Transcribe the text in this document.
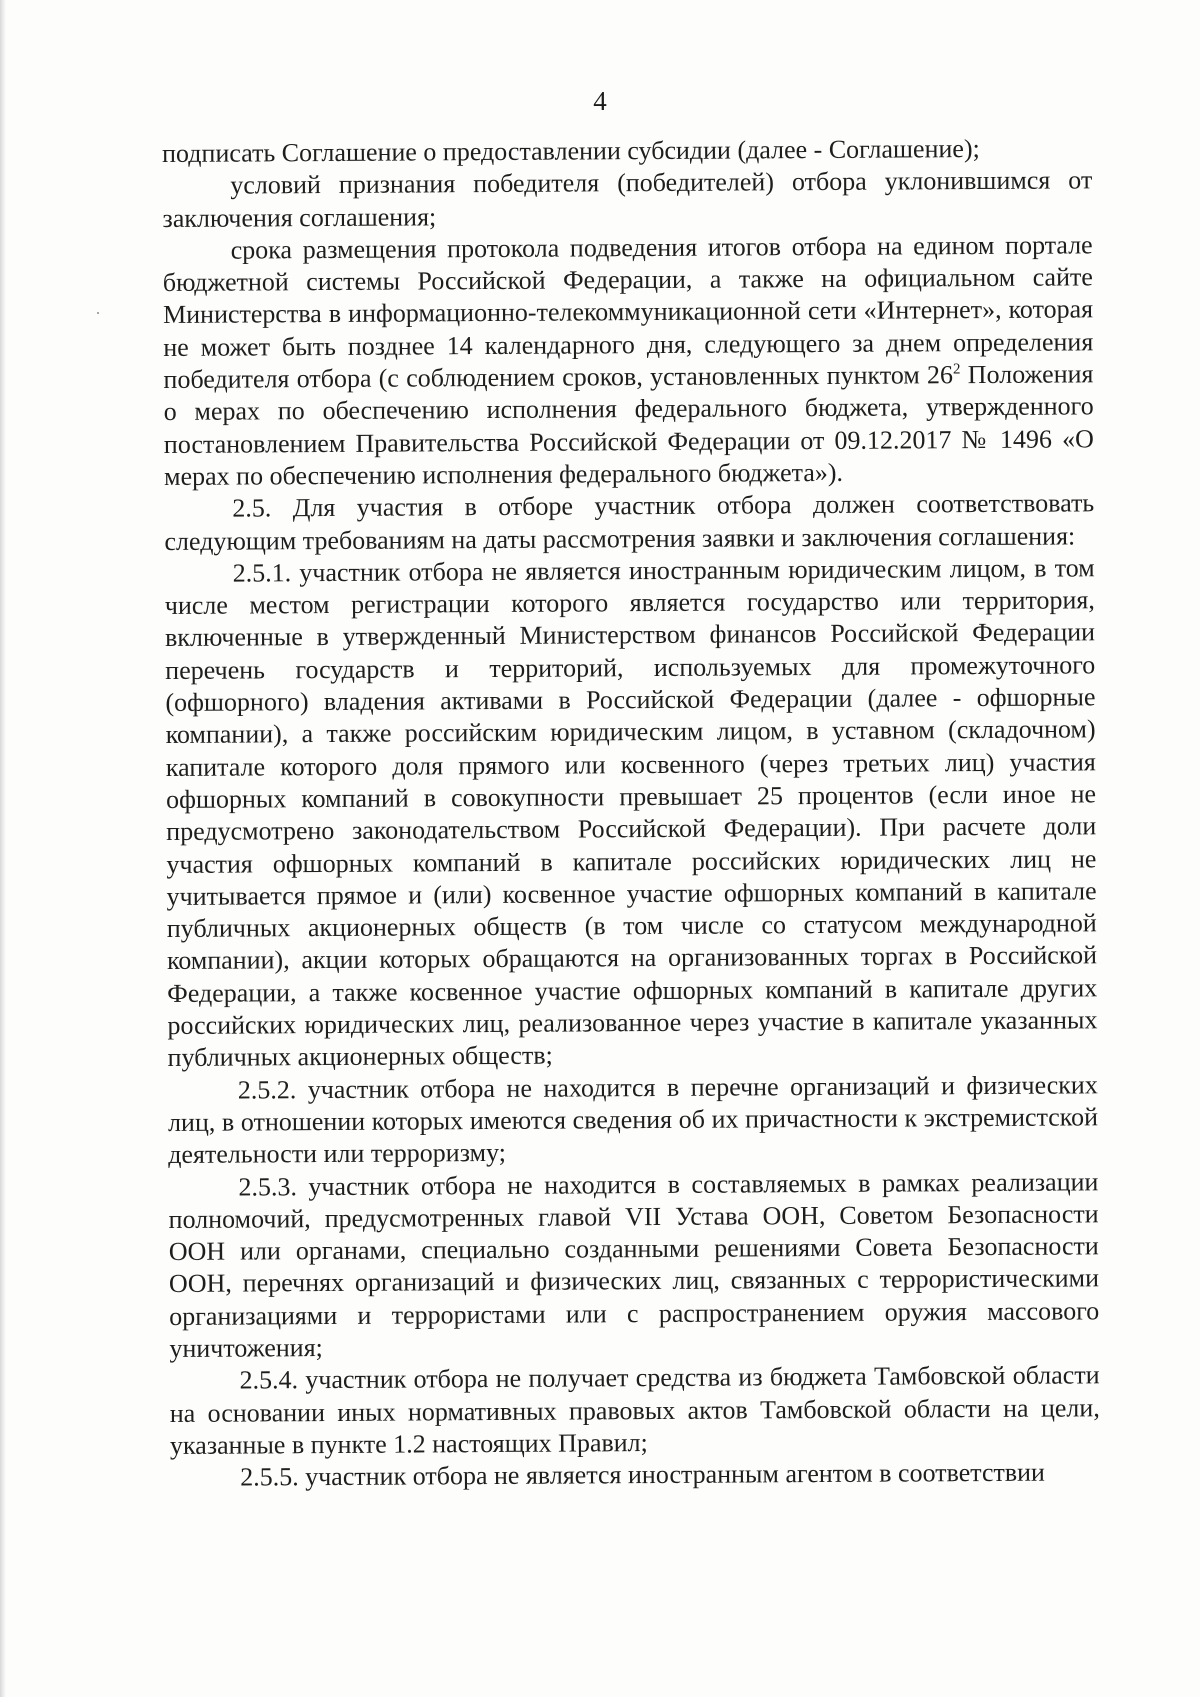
4

подписать Соглашение о предоставлении субсидии (далее - Соглашение);

условий признания победителя (победителей) отбора уклонившимся от заключения соглашения;

срока размещения протокола подведения итогов отбора на едином портале бюджетной системы Российской Федерации, а также на официальном сайте Министерства в информационно-телекоммуникационной сети «Интернет», которая не может быть позднее 14 календарного дня, следующего за днем определения победителя отбора (с соблюдением сроков, установленных пунктом $26^2$ Положения о мерах по обеспечению исполнения федерального бюджета, утвержденного постановлением Правительства Российской Федерации от 09.12.2017 № 1496 «О мерах по обеспечению исполнения федерального бюджета»).

2.5. Для участия в отборе участник отбора должен соответствовать следующим требованиям на даты рассмотрения заявки и заключения соглашения:

2.5.1. участник отбора не является иностранным юридическим лицом, в том числе местом регистрации которого является государство или территория, включенные в утвержденный Министерством финансов Российской Федерации перечень государств и территорий, используемых для промежуточного (офшорного) владения активами в Российской Федерации (далее - офшорные компании), а также российским юридическим лицом, в уставном (складочном) капитале которого доля прямого или косвенного (через третьих лиц) участия офшорных компаний в совокупности превышает 25 процентов (если иное не предусмотрено законодательством Российской Федерации). При расчете доли участия офшорных компаний в капитале российских юридических лиц не учитывается прямое и (или) косвенное участие офшорных компаний в капитале публичных акционерных обществ (в том числе со статусом международной компании), акции которых обращаются на организованных торгах в Российской Федерации, а также косвенное участие офшорных компаний в капитале других российских юридических лиц, реализованное через участие в капитале указанных публичных акционерных обществ;

2.5.2. участник отбора не находится в перечне организаций и физических лиц, в отношении которых имеются сведения об их причастности к экстремистской деятельности или терроризму;

2.5.3. участник отбора не находится в составляемых в рамках реализации полномочий, предусмотренных главой VII Устава ООН, Советом Безопасности ООН или органами, специально созданными решениями Совета Безопасности ООН, перечнях организаций и физических лиц, связанных с террористическими организациями и террористами или с распространением оружия массового уничтожения;

2.5.4. участник отбора не получает средства из бюджета Тамбовской области на основании иных нормативных правовых актов Тамбовской области на цели, указанные в пункте 1.2 настоящих Правил;

2.5.5. участник отбора не является иностранным агентом в соответствии
